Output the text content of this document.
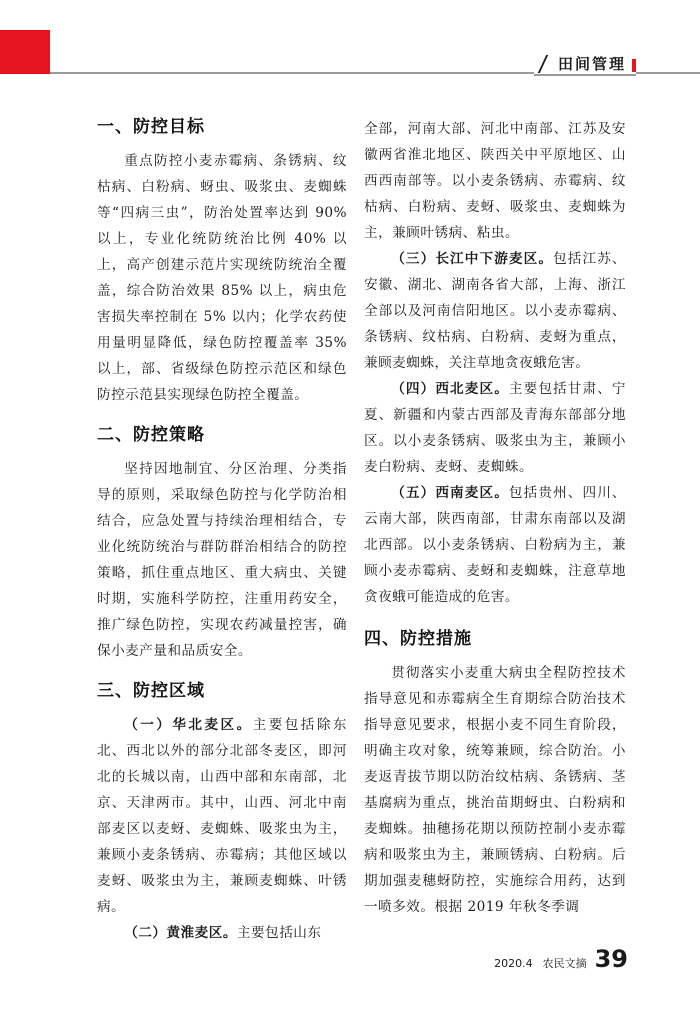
田间管理
一、防控目标

重点防控小麦赤霉病、条锈病、纹枯病、白粉病、蚜虫、吸浆虫、麦蜘蛛等“四病三虫”，防治处置率达到 90% 以上，专业化统防统治比例 40% 以上，高产创建示范片实现统防统治全覆盖，综合防治效果 85% 以上，病虫危害损失率控制在 5% 以内；化学农药使用量明显降低，绿色防控覆盖率 35% 以上，部、省级绿色防控示范区和绿色防控示范县实现绿色防控全覆盖。

二、防控策略

坚持因地制宜、分区治理、分类指导的原则，采取绿色防控与化学防治相结合，应急处置与持续治理相结合，专业化统防统治与群防群治相结合的防控策略，抓住重点地区、重大病虫、关键时期，实施科学防控，注重用药安全，推广绿色防控，实现农药减量控害，确保小麦产量和品质安全。

三、防控区域

（一）华北麦区。主要包括除东北、西北以外的部分北部冬麦区，即河北的长城以南，山西中部和东南部，北京、天津两市。其中，山西、河北中南部麦区以麦蚜、麦蜘蛛、吸浆虫为主，兼顾小麦条锈病、赤霉病；其他区域以麦蚜、吸浆虫为主，兼顾麦蜘蛛、叶锈病。

（二）黄淮麦区。主要包括山东

全部，河南大部、河北中南部、江苏及安徽两省淮北地区、陕西关中平原地区、山西西南部等。以小麦条锈病、赤霉病、纹枯病、白粉病、麦蚜、吸浆虫、麦蜘蛛为主，兼顾叶锈病、粘虫。

（三）长江中下游麦区。包括江苏、安徽、湖北、湖南各省大部，上海、浙江全部以及河南信阳地区。以小麦赤霉病、条锈病、纹枯病、白粉病、麦蚜为重点，兼顾麦蜘蛛，关注草地贪夜蛾危害。

（四）西北麦区。主要包括甘肃、宁夏、新疆和内蒙古西部及青海东部部分地区。以小麦条锈病、吸浆虫为主，兼顾小麦白粉病、麦蚜、麦蜘蛛。

（五）西南麦区。包括贵州、四川、云南大部，陕西南部，甘肃东南部以及湖北西部。以小麦条锈病、白粉病为主，兼顾小麦赤霉病、麦蚜和麦蜘蛛，注意草地贪夜蛾可能造成的危害。

四、防控措施

贯彻落实小麦重大病虫全程防控技术指导意见和赤霉病全生育期综合防治技术指导意见要求，根据小麦不同生育阶段，明确主攻对象，统筹兼顾，综合防治。小麦返青拔节期以防治纹枯病、条锈病、茎基腐病为重点，挑治苗期蚜虫、白粉病和麦蜘蛛。抽穗扬花期以预防控制小麦赤霉病和吸浆虫为主，兼顾锈病、白粉病。后期加强麦穗蚜防控，实施综合用药，达到一喷多效。根据 2019 年秋冬季调

2020.4 农民文摘 39
